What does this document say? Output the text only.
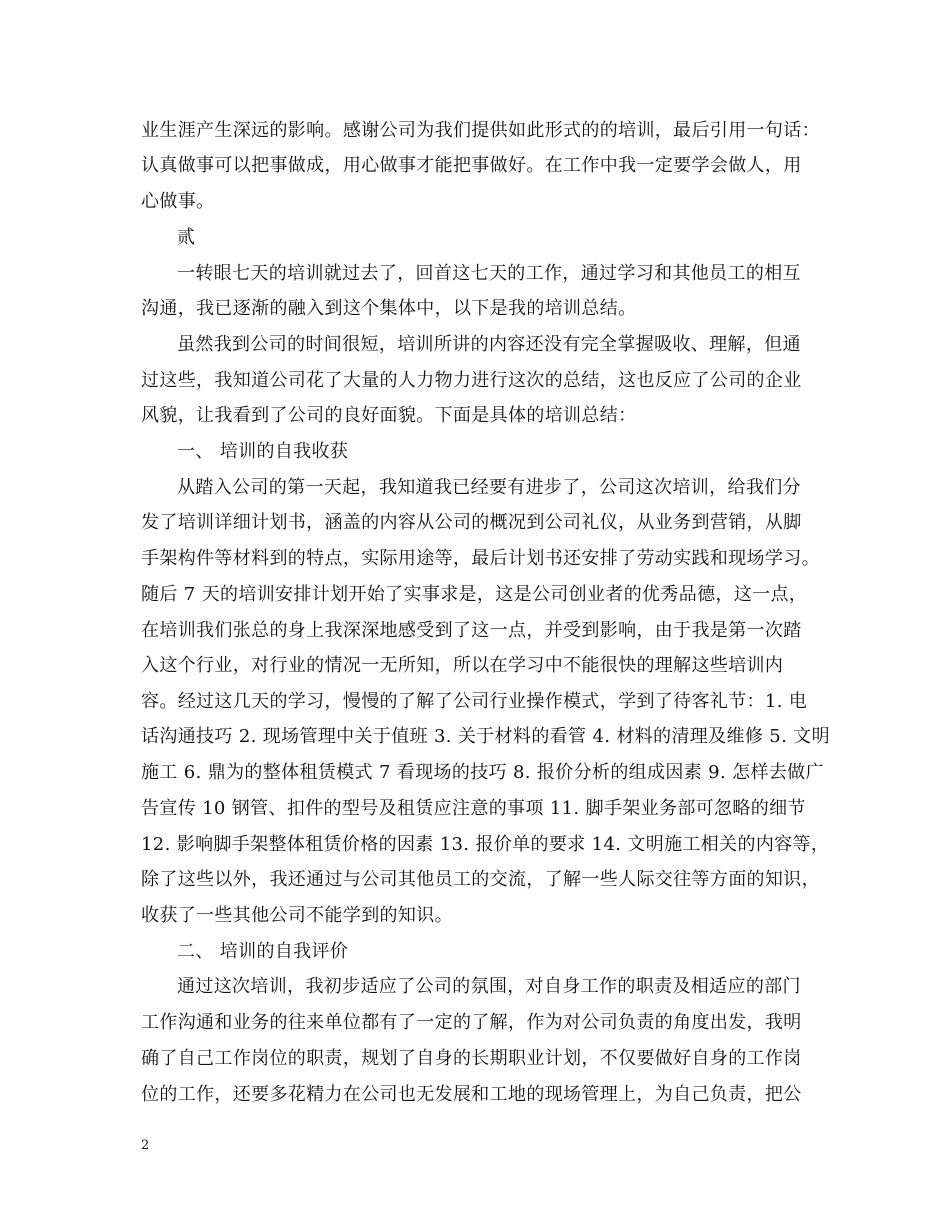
业生涯产生深远的影响。感谢公司为我们提供如此形式的的培训，最后引用一句话：
认真做事可以把事做成，用心做事才能把事做好。在工作中我一定要学会做人，用
心做事。
贰
一转眼七天的培训就过去了，回首这七天的工作，通过学习和其他员工的相互
沟通，我已逐渐的融入到这个集体中，以下是我的培训总结。
虽然我到公司的时间很短，培训所讲的内容还没有完全掌握吸收、理解，但通
过这些，我知道公司花了大量的人力物力进行这次的总结，这也反应了公司的企业
风貌，让我看到了公司的良好面貌。下面是具体的培训总结：
一、 培训的自我收获
从踏入公司的第一天起，我知道我已经要有进步了，公司这次培训，给我们分
发了培训详细计划书，涵盖的内容从公司的概况到公司礼仪，从业务到营销，从脚
手架构件等材料到的特点，实际用途等，最后计划书还安排了劳动实践和现场学习。
随后 7 天的培训安排计划开始了实事求是，这是公司创业者的优秀品德，这一点，
在培训我们张总的身上我深深地感受到了这一点，并受到影响，由于我是第一次踏
入这个行业，对行业的情况一无所知，所以在学习中不能很快的理解这些培训内
容。经过这几天的学习，慢慢的了解了公司行业操作模式，学到了待客礼节：1. 电
话沟通技巧 2. 现场管理中关于值班 3. 关于材料的看管 4. 材料的清理及维修 5. 文明
施工 6. 鼎为的整体租赁模式 7 看现场的技巧 8. 报价分析的组成因素 9. 怎样去做广
告宣传 10 钢管、扣件的型号及租赁应注意的事项 11. 脚手架业务部可忽略的细节
12. 影响脚手架整体租赁价格的因素 13. 报价单的要求 14. 文明施工相关的内容等，
除了这些以外，我还通过与公司其他员工的交流，了解一些人际交往等方面的知识，
收获了一些其他公司不能学到的知识。
二、 培训的自我评价
通过这次培训，我初步适应了公司的氛围，对自身工作的职责及相适应的部门
工作沟通和业务的往来单位都有了一定的了解，作为对公司负责的角度出发，我明
确了自己工作岗位的职责，规划了自身的长期职业计划，不仅要做好自身的工作岗
位的工作，还要多花精力在公司也无发展和工地的现场管理上，为自己负责，把公
2
